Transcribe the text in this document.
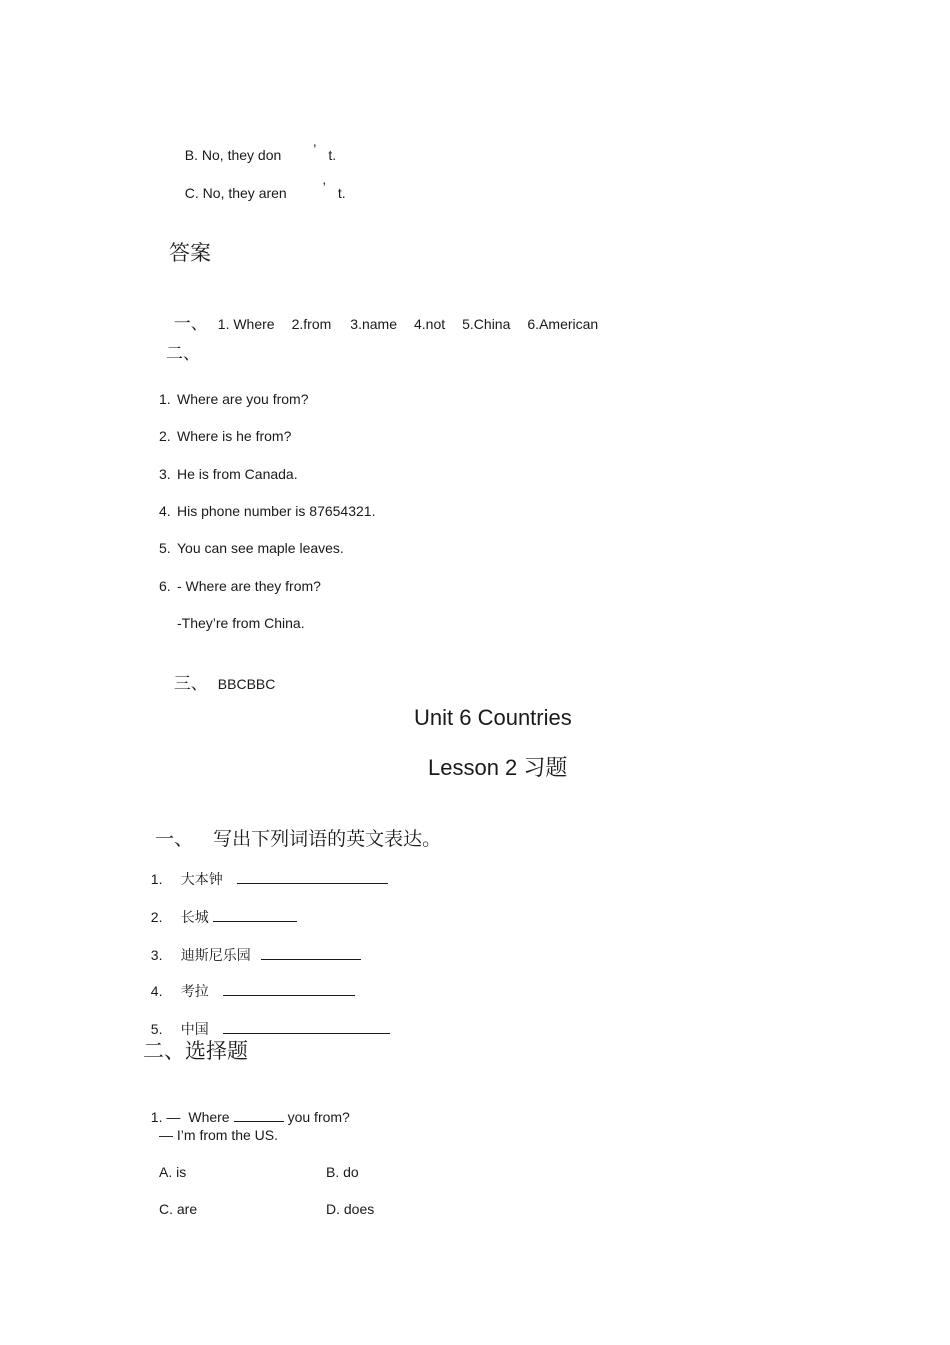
B. No, they don ’ t.

C. No, they aren	’ t.

答案

一、 1. Where 2.from 3.name 4.not 5.China 6.American

二、
1. Where are you from?
2. Where is he from?
3. He is from Canada.
4. His phone number is 87654321.
5. You can see maple leaves.
6. - Where are they from?
-They’re from China.

三、 BBCBBC

Unit 6 Countries
Lesson 2 习题

一、 写出下列词语的英文表达。

1. 大本钟

2. 长城

3. 迪斯尼乐园

4. 考拉

5. 中国

二、选择题

1. — Where	you from?

— I’m from the US.
A. is	B. do
C. are	D. does
